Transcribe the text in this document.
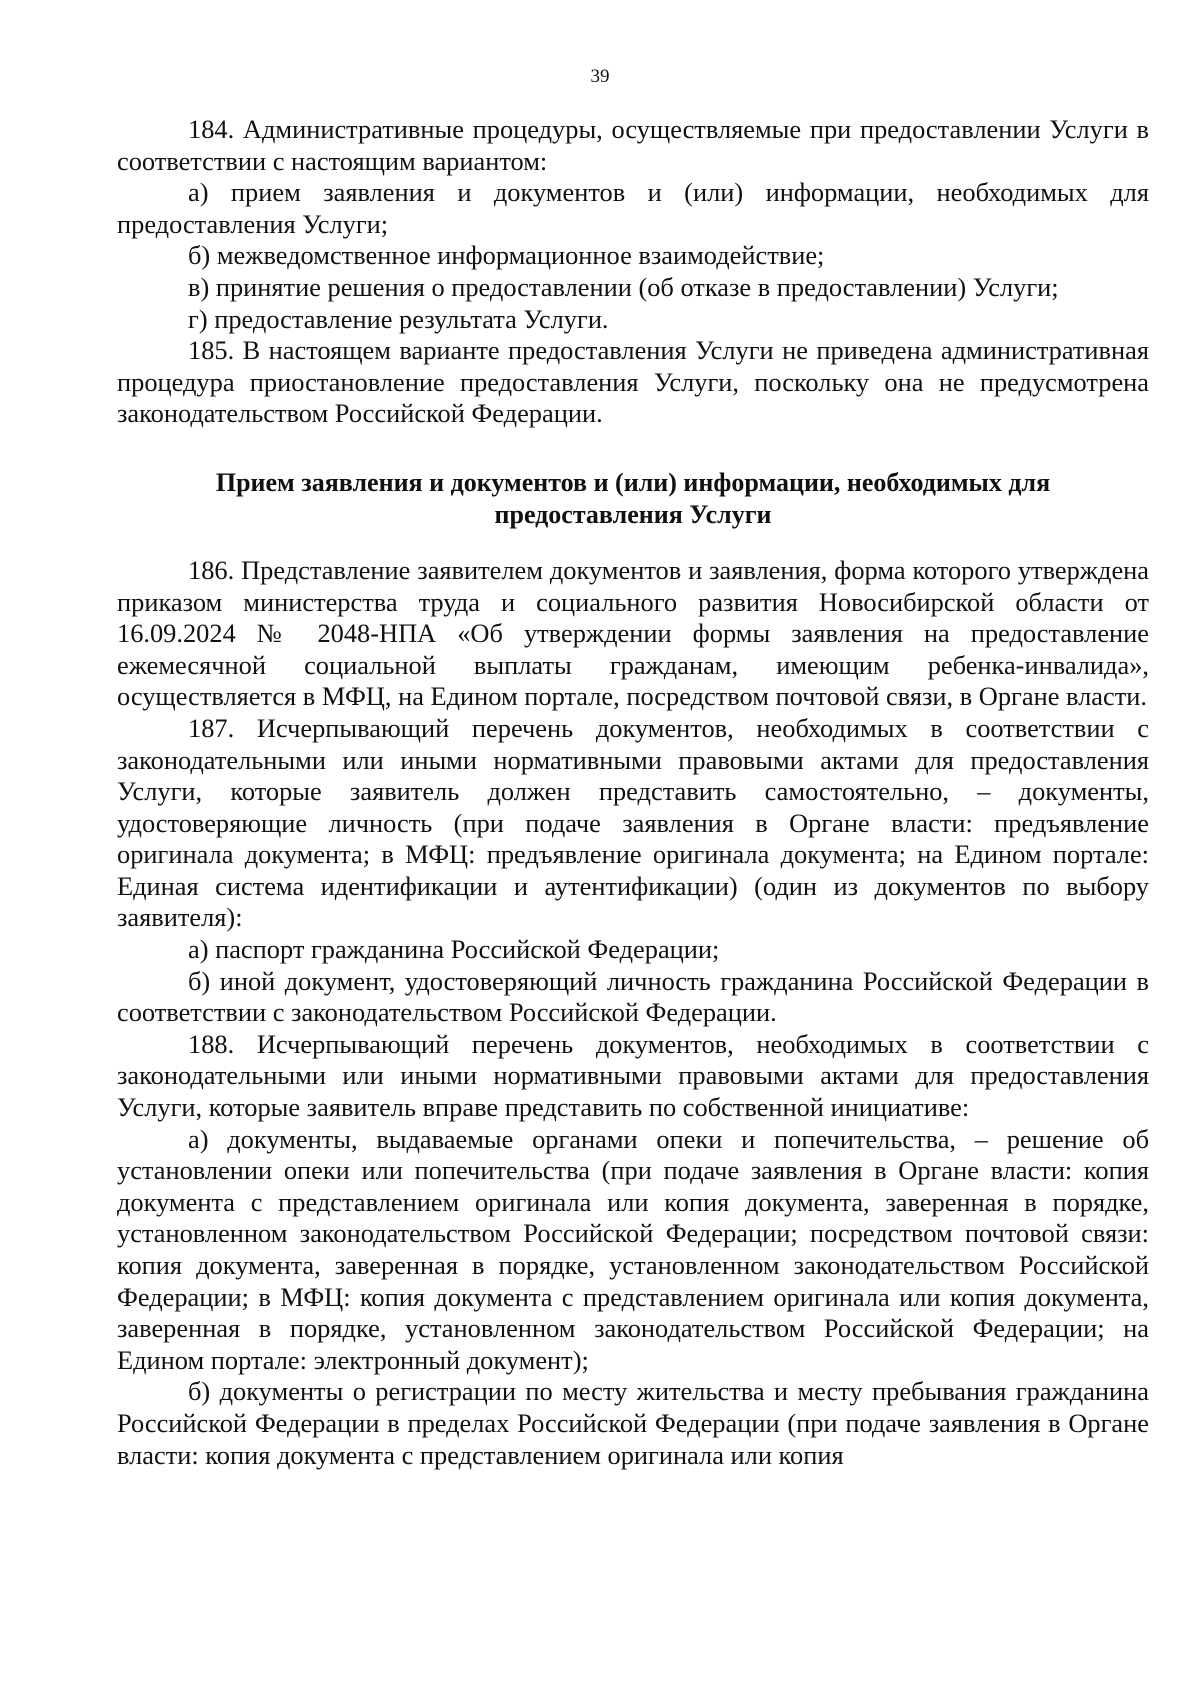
39

184. Административные процедуры, осуществляемые при предоставлении Услуги в соответствии с настоящим вариантом:

а) прием заявления и документов и (или) информации, необходимых для предоставления Услуги;

б) межведомственное информационное взаимодействие;

в) принятие решения о предоставлении (об отказе в предоставлении) Услуги;

г) предоставление результата Услуги.

185. В настоящем варианте предоставления Услуги не приведена административная процедура приостановление предоставления Услуги, поскольку она не предусмотрена законодательством Российской Федерации.

Прием заявления и документов и (или) информации, необходимых для
предоставления Услуги

186. Представление заявителем документов и заявления, форма которого утверждена приказом министерства труда и социального развития Новосибирской области от 16.09.2024 № 2048-НПА «Об утверждении формы заявления на предоставление ежемесячной социальной выплаты гражданам, имеющим ребенка-инвалида», осуществляется в МФЦ, на Едином портале, посредством почтовой связи, в Органе власти.

187. Исчерпывающий перечень документов, необходимых в соответствии с законодательными или иными нормативными правовыми актами для предоставления Услуги, которые заявитель должен представить самостоятельно, – документы, удостоверяющие личность (при подаче заявления в Органе власти: предъявление оригинала документа; в МФЦ: предъявление оригинала документа; на Едином портале: Единая система идентификации и аутентификации) (один из документов по выбору заявителя):

а) паспорт гражданина Российской Федерации;

б) иной документ, удостоверяющий личность гражданина Российской Федерации в соответствии с законодательством Российской Федерации.

188. Исчерпывающий перечень документов, необходимых в соответствии с законодательными или иными нормативными правовыми актами для предоставления Услуги, которые заявитель вправе представить по собственной инициативе:

а) документы, выдаваемые органами опеки и попечительства, – решение об установлении опеки или попечительства (при подаче заявления в Органе власти: копия документа с представлением оригинала или копия документа, заверенная в порядке, установленном законодательством Российской Федерации; посредством почтовой связи: копия документа, заверенная в порядке, установленном законодательством Российской Федерации; в МФЦ: копия документа с представлением оригинала или копия документа, заверенная в порядке, установленном законодательством Российской Федерации; на Едином портале: электронный документ);

б) документы о регистрации по месту жительства и месту пребывания гражданина Российской Федерации в пределах Российской Федерации (при подаче заявления в Органе власти: копия документа с представлением оригинала или копия
